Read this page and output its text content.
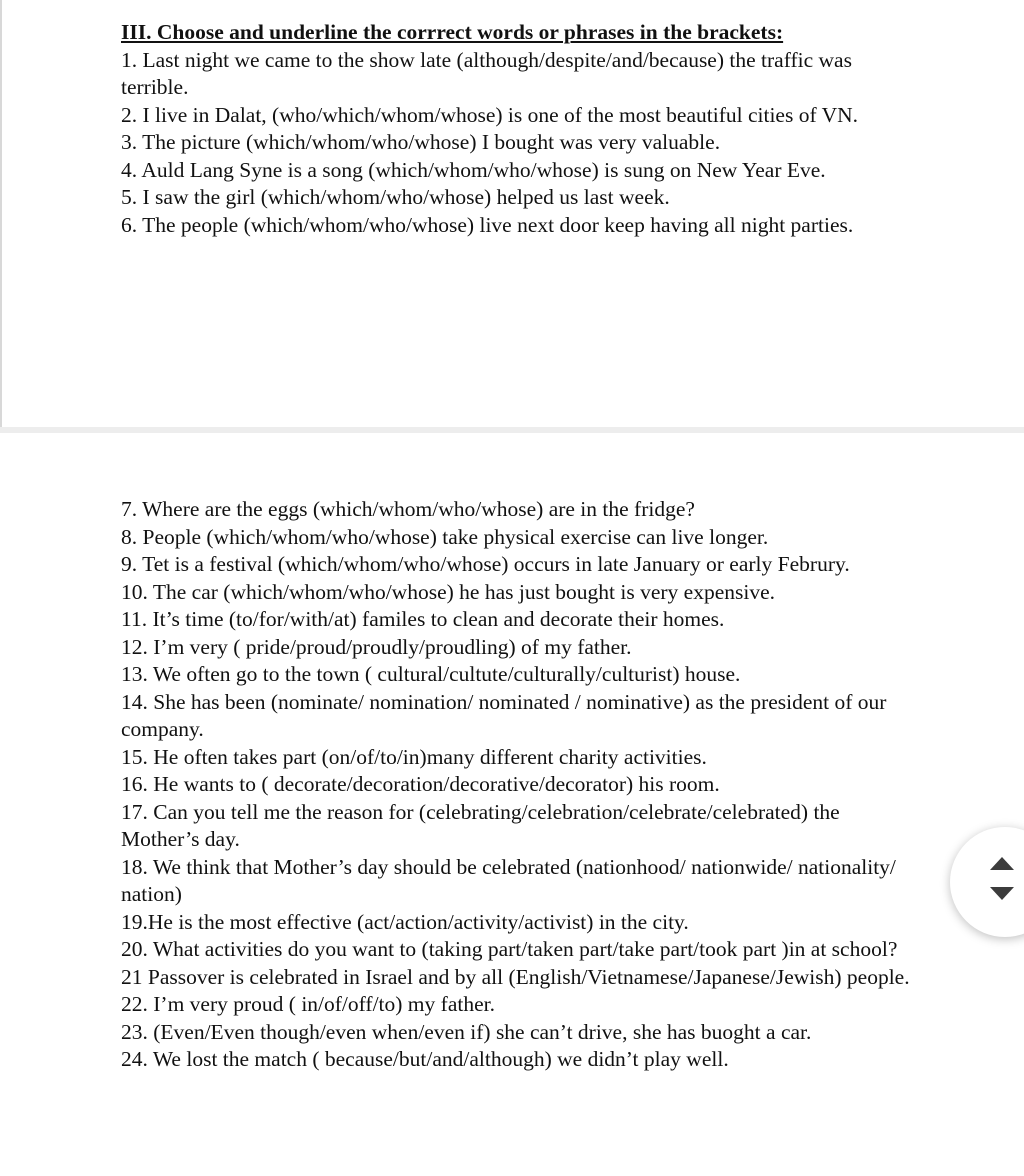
III. Choose and underline the corrrect words or phrases in the brackets:

1. Last night we came to the show late (although/despite/and/because) the traffic was terrible.

2. I live in Dalat, (who/which/whom/whose) is one of the most beautiful cities of VN.

3. The picture (which/whom/who/whose) I bought was very valuable.

4. Auld Lang Syne is a song (which/whom/who/whose) is sung on New Year Eve.

5. I saw the girl (which/whom/who/whose) helped us last week.

6. The people (which/whom/who/whose) live next door keep having all night parties.

7. Where are the eggs (which/whom/who/whose) are in the fridge?

8. People (which/whom/who/whose) take physical exercise can live longer.

9. Tet is a festival (which/whom/who/whose) occurs in late January or early Februry.

10. The car (which/whom/who/whose) he has just bought is very expensive.

11. It’s time (to/for/with/at) familes to clean and decorate their homes.

12. I’m very ( pride/proud/proudly/proudling) of my father.

13. We often go to the town ( cultural/cultute/culturally/culturist) house.

14. She has been (nominate/ nomination/ nominated / nominative) as the president of our company.

15. He often takes part (on/of/to/in)many different charity activities.

16. He wants to ( decorate/decoration/decorative/decorator) his room.

17. Can you tell me the reason for (celebrating/celebration/celebrate/celebrated) the Mother’s day.

18. We think that Mother’s day should be celebrated (nationhood/ nationwide/ nationality/ nation)

19.He is the most effective (act/action/activity/activist) in the city.

20. What activities do you want to (taking part/taken part/take part/took part )in at school?

21 Passover is celebrated in Israel and by all (English/Vietnamese/Japanese/Jewish) people.

22. I’m very proud ( in/of/off/to) my father.

23. (Even/Even though/even when/even if) she can’t drive, she has buoght a car.

24. We lost the match ( because/but/and/although) we didn’t play well.
